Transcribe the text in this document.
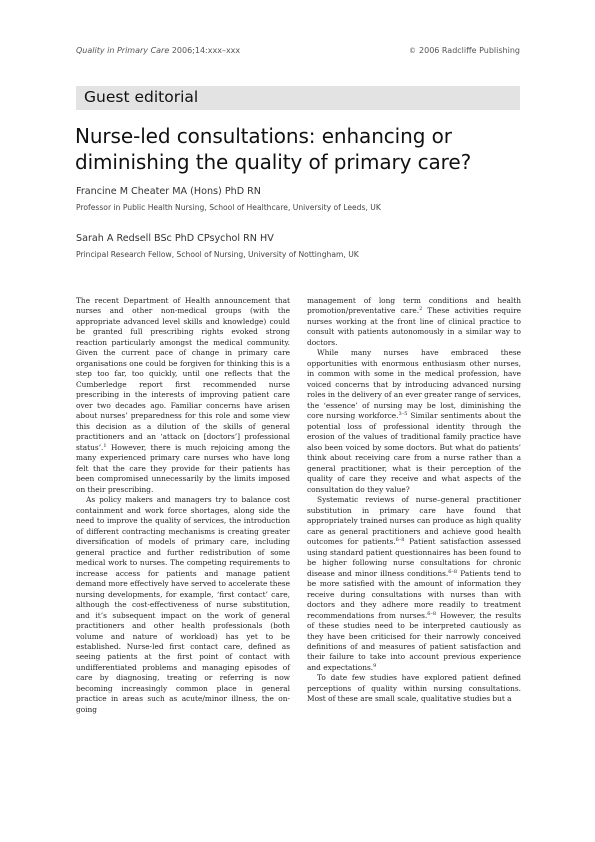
Quality in Primary Care 2006;14:xxx–xxx	© 2006 Radcliffe Publishing
Guest editorial
Nurse-led consultations: enhancing or diminishing the quality of primary care?
Francine M Cheater MA (Hons) PhD RN
Professor in Public Health Nursing, School of Healthcare, University of Leeds, UK
Sarah A Redsell BSc PhD CPsychol RN HV
Principal Research Fellow, School of Nursing, University of Nottingham, UK

The recent Department of Health announcement that nurses and other non-medical groups (with the appropriate advanced level skills and knowledge) could be granted full prescribing rights evoked strong reaction particularly amongst the medical community. Given the current pace of change in primary care organisations one could be forgiven for thinking this is a step too far, too quickly, until one reflects that the Cumberledge report first recommended nurse prescribing in the interests of improving patient care over two decades ago. Familiar concerns have arisen about nurses’ preparedness for this role and some view this decision as a dilution of the skills of general practitioners and an ‘attack on [doctors’] professional status’.$^1$ However, there is much rejoicing among the many experienced primary care nurses who have long felt that the care they provide for their patients has been compromised unnecessarily by the limits imposed on their prescribing.

As policy makers and managers try to balance cost containment and work force shortages, along side the need to improve the quality of services, the introduction of different contracting mechanisms is creating greater diversification of models of primary care, including general practice and further redistribution of some medical work to nurses. The competing requirements to increase access for patients and manage patient demand more effectively have served to accelerate these nursing developments, for example, ‘first contact’ care, although the cost-effectiveness of nurse substitution, and it’s subsequent impact on the work of general practitioners and other health professionals (both volume and nature of workload) has yet to be established. Nurse-led first contact care, defined as seeing patients at the first point of contact with undifferentiated problems and managing episodes of care by diagnosing, treating or referring is now becoming increasingly common place in general practice in areas such as acute/minor illness, the on-going

management of long term conditions and health promotion/preventative care.$^2$ These activities require nurses working at the front line of clinical practice to consult with patients autonomously in a similar way to doctors.

While many nurses have embraced these opportunities with enormous enthusiasm other nurses, in common with some in the medical profession, have voiced concerns that by introducing advanced nursing roles in the delivery of an ever greater range of services, the ‘essence’ of nursing may be lost, diminishing the core nursing workforce.$^{3-5}$ Similar sentiments about the potential loss of professional identity through the erosion of the values of traditional family practice have also been voiced by some doctors. But what do patients’ think about receiving care from a nurse rather than a general practitioner, what is their perception of the quality of care they receive and what aspects of the consultation do they value?

Systematic reviews of nurse–general practitioner substitution in primary care have found that appropriately trained nurses can produce as high quality care as general practitioners and achieve good health outcomes for patients.$^{6-8}$ Patient satisfaction assessed using standard patient questionnaires has been found to be higher following nurse consultations for chronic disease and minor illness conditions.$^{6-8}$ Patients tend to be more satisfied with the amount of information they receive during consultations with nurses than with doctors and they adhere more readily to treatment recommendations from nurses.$^{6-8}$ However, the results of these studies need to be interpreted cautiously as they have been criticised for their narrowly conceived definitions of and measures of patient satisfaction and their failure to take into account previous experience and expectations.$^9$

To date few studies have explored patient defined perceptions of quality within nursing consultations. Most of these are small scale, qualitative studies but a
